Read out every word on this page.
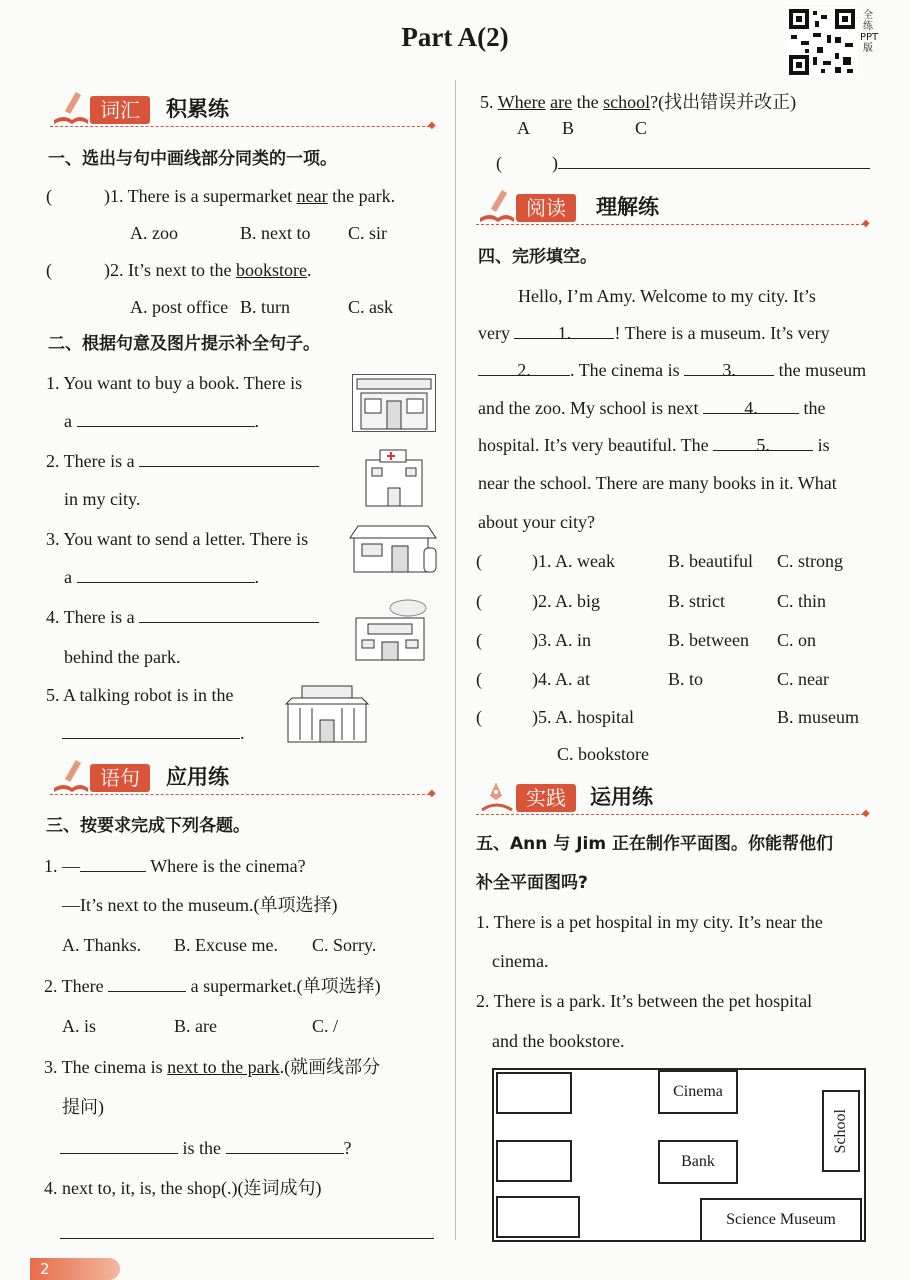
Part A(2)
全练PPT版
词汇	积累练
◆
一、选出与句中画线部分同类的一项。
(	)1. There is a supermarket near the park.
A. zoo	B. next to C. sir
(	)2. It’s next to the bookstore.
A. post office B. turn	C. ask
二、根据句意及图片提示补全句子。
1. You want to buy a book. There is
a	.
2. There is a
in my city.
3. You want to send a letter. There is
a	.
4. There is a
behind the park.
5. A talking robot is in the
.
语句	应用练
◆
三、按要求完成下列各题。
1. —	Where is the cinema?
—It’s next to the museum.(单项选择)
A. Thanks. B. Excuse me. C. Sorry.
2. There	a supermarket.(单项选择)
A. is	B. are	C. /
3. The cinema is next to the park.(就画线部分
提问)
is the	?
4. next to, it, is, the shop(.)(连词成句)
5. Where are the school?(找出错误并改正)
A B	C
(	)
阅读	理解练
◆
四、完形填空。
Hello, I’m Amy. Welcome to my city. It’s
very	1. ! There is a museum. It’s very
2. . The cinema is 3. the museum
and the zoo. My school is next	4.	the
hospital. It’s very beautiful. The	5.	is
near the school. There are many books in it. What
about your city?
(	)1. A. weak	B. beautiful C. strong
(	)2. A. big	B. strict	C. thin
(	)3. A. in	B. between C. on
(	)4. A. at	B. to	C. near
(	)5. A. hospital	B. museum
C. bookstore
实践	运用练
◆
五、Ann 与 Jim 正在制作平面图。你能帮他们
补全平面图吗?
1. There is a pet hospital in my city. It’s near the
cinema.
2. There is a park. It’s between the pet hospital
and the bookstore.
Cinema
Bank
School
Science Museum
2
